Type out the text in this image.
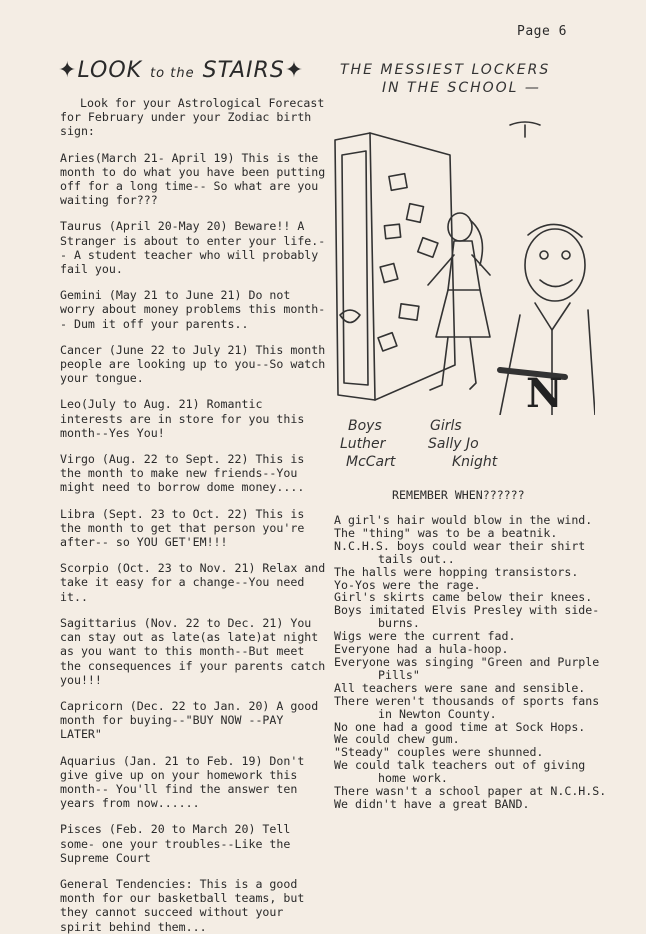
Page 6
✦LOOK to the STAIRS✦

Look for your Astrological Forecast for February under your Zodiac birth sign:

Aries(March 21- April 19) This is the month to do what you have been putting off for a long time-- So what are you waiting for???

Taurus (April 20-May 20) Beware!! A Stranger is about to enter your life.-- A student teacher who will probably fail you.

Gemini (May 21 to June 21) Do not worry about money problems this month-- Dum it off your parents..

Cancer (June 22 to July 21) This month people are looking up to you--So watch your tongue.

Leo(July to Aug. 21) Romantic interests are in store for you this month--Yes You!

Virgo (Aug. 22 to Sept. 22) This is the month to make new friends--You might need to borrow dome money....

Libra (Sept. 23 to Oct. 22) This is the month to get that person you're after-- so YOU GET'EM!!!

Scorpio (Oct. 23 to Nov. 21) Relax and take it easy for a change--You need it..

Sagittarius (Nov. 22 to Dec. 21) You can stay out as late(as late)at night as you want to this month--But meet the consequences if your parents catch you!!!

Capricorn (Dec. 22 to Jan. 20) A good month for buying--"BUY NOW --PAY LATER"

Aquarius (Jan. 21 to Feb. 19) Don't give give up on your homework this month-- You'll find the answer ten years from now......

Pisces (Feb. 20 to March 20) Tell some- one your troubles--Like the Supreme Court

General Tendencies: This is a good month for our basketball teams, but they cannot succeed without your spirit behind them...

THE MESSIEST LOCKERS
IN THE SCHOOL —
N
Boys
Luther
McCart
Girls
Sally Jo
Knight
REMEMBER WHEN??????
A girl's hair would blow in the wind.
The "thing" was to be a beatnik.
N.C.H.S. boys could wear their shirt
tails out..
The halls were hopping transistors.
Yo-Yos were the rage.
Girl's skirts came below their knees.
Boys imitated Elvis Presley with side-
burns.
Wigs were the current fad.
Everyone had a hula-hoop.
Everyone was singing "Green and Purple
Pills"
All teachers were sane and sensible.
There weren't thousands of sports fans
in Newton County.
No one had a good time at Sock Hops.
We could chew gum.
"Steady" couples were shunned.
We could talk teachers out of giving
home work.
There wasn't a school paper at N.C.H.S.
We didn't have a great BAND.
